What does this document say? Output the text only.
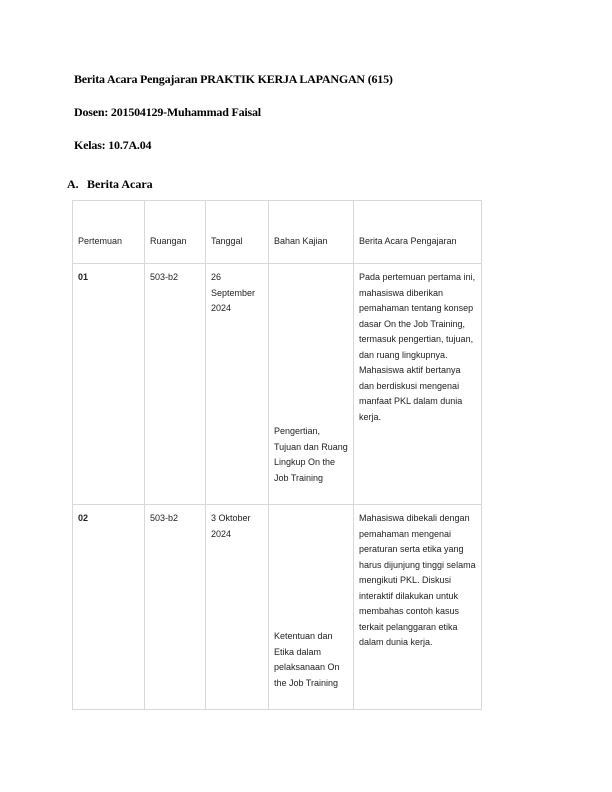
Berita Acara Pengajaran PRAKTIK KERJA LAPANGAN (615)
Dosen: 201504129-Muhammad Faisal
Kelas: 10.7A.04
A. Berita Acara
Pertemuan	Ruangan	Tanggal	Bahan Kajian	Berita Acara Pengajaran
01	503-b2	26 September 2024	Pengertian, Tujuan dan Ruang Lingkup On the Job Training	Pada pertemuan pertama ini, mahasiswa diberikan pemahaman tentang konsep dasar On the Job Training, termasuk pengertian, tujuan, dan ruang lingkupnya. Mahasiswa aktif bertanya dan berdiskusi mengenai manfaat PKL dalam dunia kerja.
02	503-b2	3 Oktober 2024	Ketentuan dan Etika dalam pelaksanaan On the Job Training	Mahasiswa dibekali dengan pemahaman mengenai peraturan serta etika yang harus dijunjung tinggi selama mengikuti PKL. Diskusi interaktif dilakukan untuk membahas contoh kasus terkait pelanggaran etika dalam dunia kerja.
